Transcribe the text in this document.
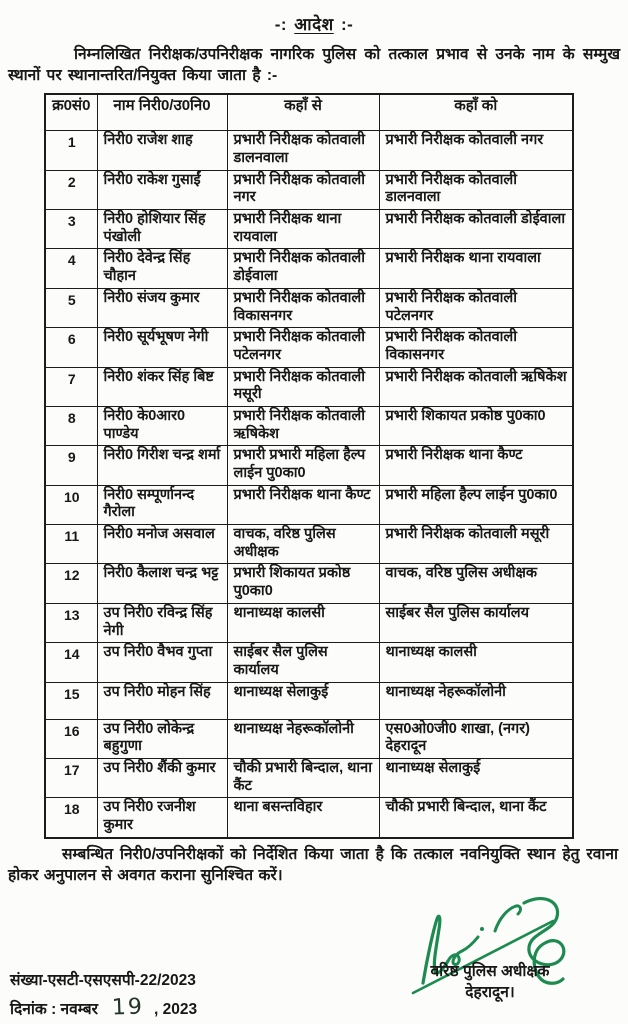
-: आदेश :-

निम्नलिखित निरीक्षक/उपनिरीक्षक नागरिक पुलिस को तत्काल प्रभाव से उनके नाम के सम्मुख स्थानों पर स्थानान्तरित/नियुक्त किया जाता है :-

क्र0सं0	नाम निरी0/उ0नि0	कहाँ से	कहाँ को
1	निरी0 राजेश शाह	प्रभारी निरीक्षक कोतवाली डालनवाला	प्रभारी निरीक्षक कोतवाली नगर
2	निरी0 राकेश गुसाईं	प्रभारी निरीक्षक कोतवाली नगर	प्रभारी निरीक्षक कोतवाली डालनवाला
3	निरी0 होशियार सिंह पंखोली	प्रभारी निरीक्षक थाना रायवाला	प्रभारी निरीक्षक कोतवाली डोईवाला
4	निरी0 देवेन्द्र सिंह चौहान	प्रभारी निरीक्षक कोतवाली डोईवाला	प्रभारी निरीक्षक थाना रायवाला
5	निरी0 संजय कुमार	प्रभारी निरीक्षक कोतवाली विकासनगर	प्रभारी निरीक्षक कोतवाली पटेलनगर
6	निरी0 सूर्यभूषण नेगी	प्रभारी निरीक्षक कोतवाली पटेलनगर	प्रभारी निरीक्षक कोतवाली विकासनगर
7	निरी0 शंकर सिंह बिष्ट	प्रभारी निरीक्षक कोतवाली मसूरी	प्रभारी निरीक्षक कोतवाली ऋषिकेश
8	निरी0 के0आर0 पाण्डेय	प्रभारी निरीक्षक कोतवाली ऋषिकेश	प्रभारी शिकायत प्रकोष्ठ पु0का0
9	निरी0 गिरीश चन्द्र शर्मा	प्रभारी प्रभारी महिला हैल्प लाईन पु0का0	प्रभारी निरीक्षक थाना कैण्ट
10	निरी0 सम्पूर्णानन्द गैरोला	प्रभारी निरीक्षक थाना कैण्ट	प्रभारी महिला हैल्प लाईन पु0का0
11	निरी0 मनोज असवाल	वाचक, वरिष्ठ पुलिस अधीक्षक	प्रभारी निरीक्षक कोतवाली मसूरी
12	निरी0 कैलाश चन्द्र भट्ट	प्रभारी शिकायत प्रकोष्ठ पु0का0	वाचक, वरिष्ठ पुलिस अधीक्षक
13	उप निरी0 रविन्द्र सिंह नेगी	थानाध्यक्ष कालसी	साईबर सैल पुलिस कार्यालय
14	उप निरी0 वैभव गुप्ता	साईबर सैल पुलिस कार्यालय	थानाध्यक्ष कालसी
15	उप निरी0 मोहन सिंह	थानाध्यक्ष सेलाकुई	थानाध्यक्ष नेहरूकॉलोनी
16	उप निरी0 लोकेन्द्र बहुगुणा	थानाध्यक्ष नेहरूकॉलोनी	एस0ओ0जी0 शाखा, (नगर) देहरादून
17	उप निरी0 शैंकी कुमार	चौकी प्रभारी बिन्दाल, थाना कैंट	थानाध्यक्ष सेलाकुई
18	उप निरी0 रजनीश कुमार	थाना बसन्तविहार	चौकी प्रभारी बिन्दाल, थाना कैंट

सम्बन्धित निरी0/उपनिरीक्षकों को निर्देशित किया जाता है कि तत्काल नवनियुक्ति स्थान हेतु रवाना होकर अनुपालन से अवगत कराना सुनिश्चित करें।

संख्या-एसटी-एसएसपी-22/2023
दिनांक : नवम्बर 19 , 2023
वरिष्ठ पुलिस अधीक्षक
देहरादून।
